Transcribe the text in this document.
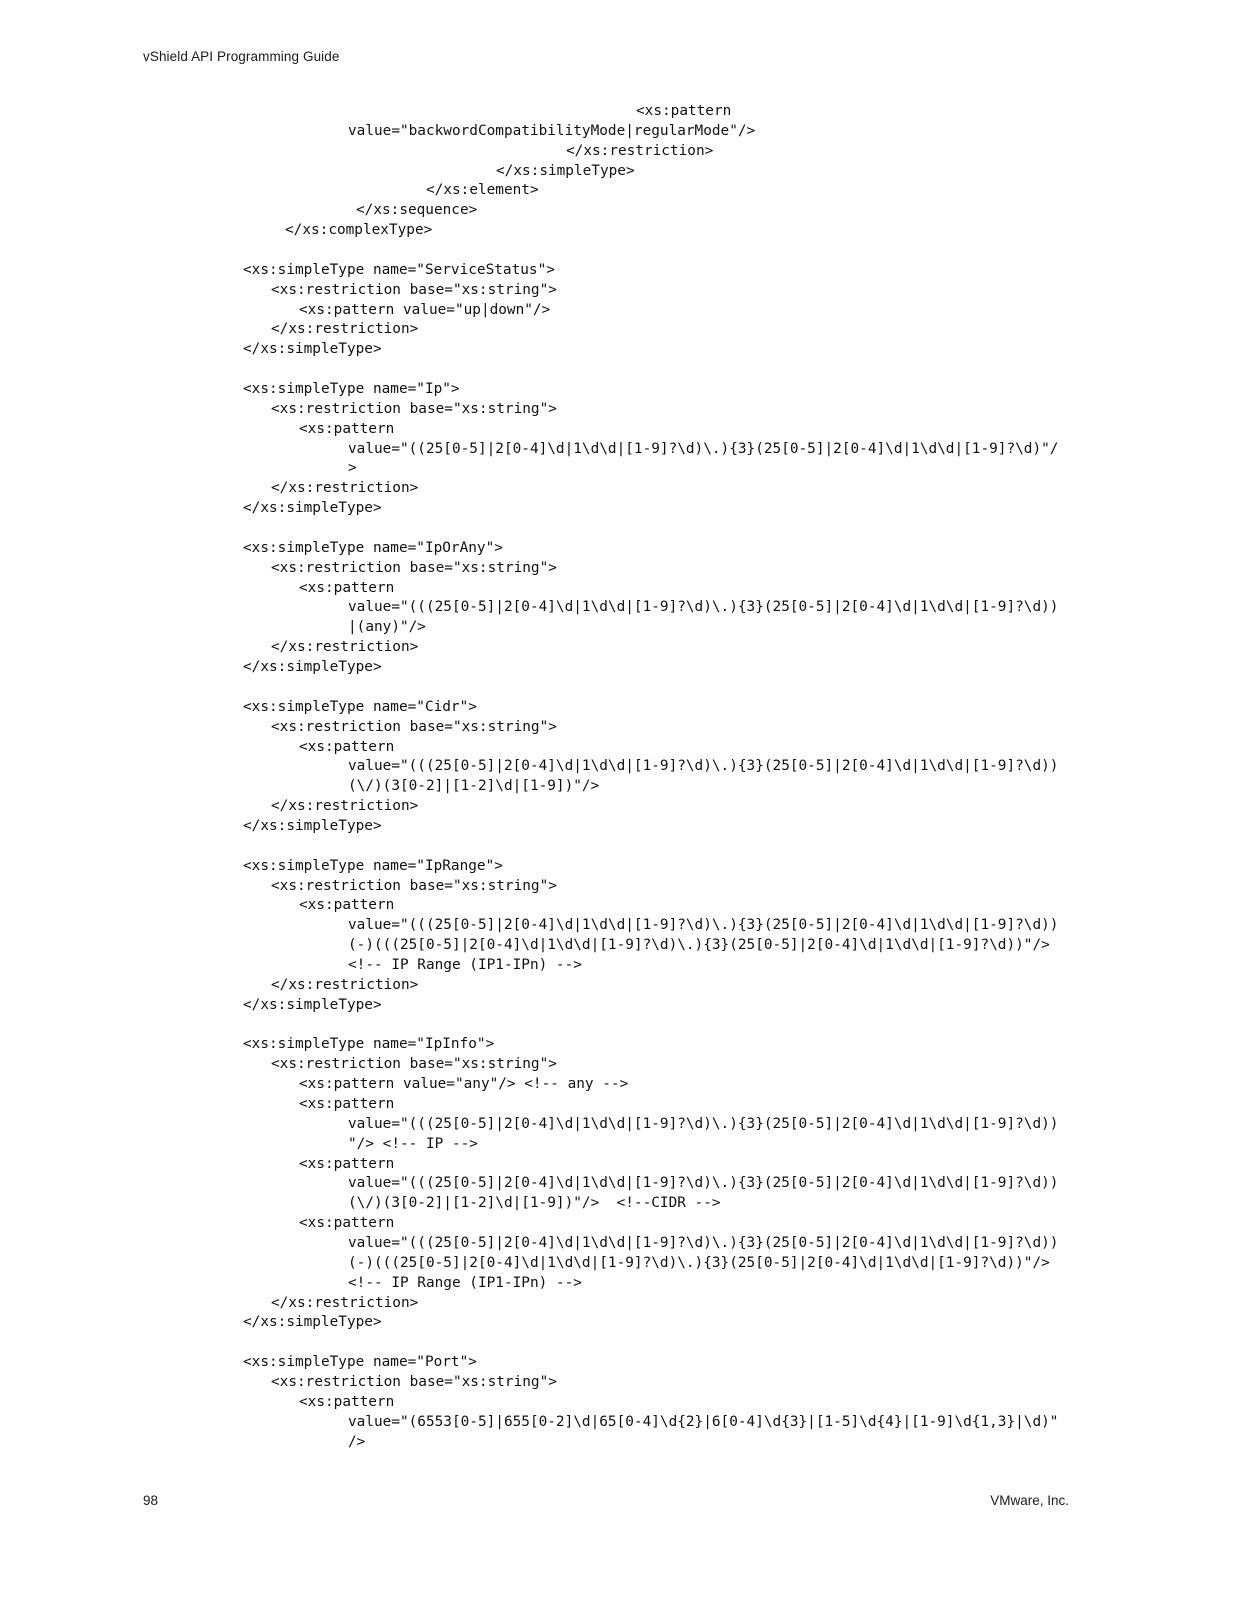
vShield API Programming Guide
<xs:pattern
value="backwordCompatibilityMode|regularMode"/>
</xs:restriction>
</xs:simpleType>
</xs:element>
</xs:sequence>
</xs:complexType>
<xs:simpleType name="ServiceStatus">
<xs:restriction base="xs:string">
<xs:pattern value="up|down"/>
</xs:restriction>
</xs:simpleType>
<xs:simpleType name="Ip">
<xs:restriction base="xs:string">
<xs:pattern
value="((25[0-5]|2[0-4]\d|1\d\d|[1-9]?\d)\.){3}(25[0-5]|2[0-4]\d|1\d\d|[1-9]?\d)"/
>
</xs:restriction>
</xs:simpleType>
<xs:simpleType name="IpOrAny">
<xs:restriction base="xs:string">
<xs:pattern
value="(((25[0-5]|2[0-4]\d|1\d\d|[1-9]?\d)\.){3}(25[0-5]|2[0-4]\d|1\d\d|[1-9]?\d))
|(any)"/>
</xs:restriction>
</xs:simpleType>
<xs:simpleType name="Cidr">
<xs:restriction base="xs:string">
<xs:pattern
value="(((25[0-5]|2[0-4]\d|1\d\d|[1-9]?\d)\.){3}(25[0-5]|2[0-4]\d|1\d\d|[1-9]?\d))
(\/)(3[0-2]|[1-2]\d|[1-9])"/>
</xs:restriction>
</xs:simpleType>
<xs:simpleType name="IpRange">
<xs:restriction base="xs:string">
<xs:pattern
value="(((25[0-5]|2[0-4]\d|1\d\d|[1-9]?\d)\.){3}(25[0-5]|2[0-4]\d|1\d\d|[1-9]?\d))
(-)(((25[0-5]|2[0-4]\d|1\d\d|[1-9]?\d)\.){3}(25[0-5]|2[0-4]\d|1\d\d|[1-9]?\d))"/>
<!-- IP Range (IP1-IPn) -->
</xs:restriction>
</xs:simpleType>
<xs:simpleType name="IpInfo">
<xs:restriction base="xs:string">
<xs:pattern value="any"/> <!-- any -->
<xs:pattern
value="(((25[0-5]|2[0-4]\d|1\d\d|[1-9]?\d)\.){3}(25[0-5]|2[0-4]\d|1\d\d|[1-9]?\d))
"/> <!-- IP -->
<xs:pattern
value="(((25[0-5]|2[0-4]\d|1\d\d|[1-9]?\d)\.){3}(25[0-5]|2[0-4]\d|1\d\d|[1-9]?\d))
(\/)(3[0-2]|[1-2]\d|[1-9])"/>  <!--CIDR -->
<xs:pattern
value="(((25[0-5]|2[0-4]\d|1\d\d|[1-9]?\d)\.){3}(25[0-5]|2[0-4]\d|1\d\d|[1-9]?\d))
(-)(((25[0-5]|2[0-4]\d|1\d\d|[1-9]?\d)\.){3}(25[0-5]|2[0-4]\d|1\d\d|[1-9]?\d))"/>
<!-- IP Range (IP1-IPn) -->
</xs:restriction>
</xs:simpleType>
<xs:simpleType name="Port">
<xs:restriction base="xs:string">
<xs:pattern
value="(6553[0-5]|655[0-2]\d|65[0-4]\d{2}|6[0-4]\d{3}|[1-5]\d{4}|[1-9]\d{1,3}|\d)"
/>
98	VMware, Inc.
